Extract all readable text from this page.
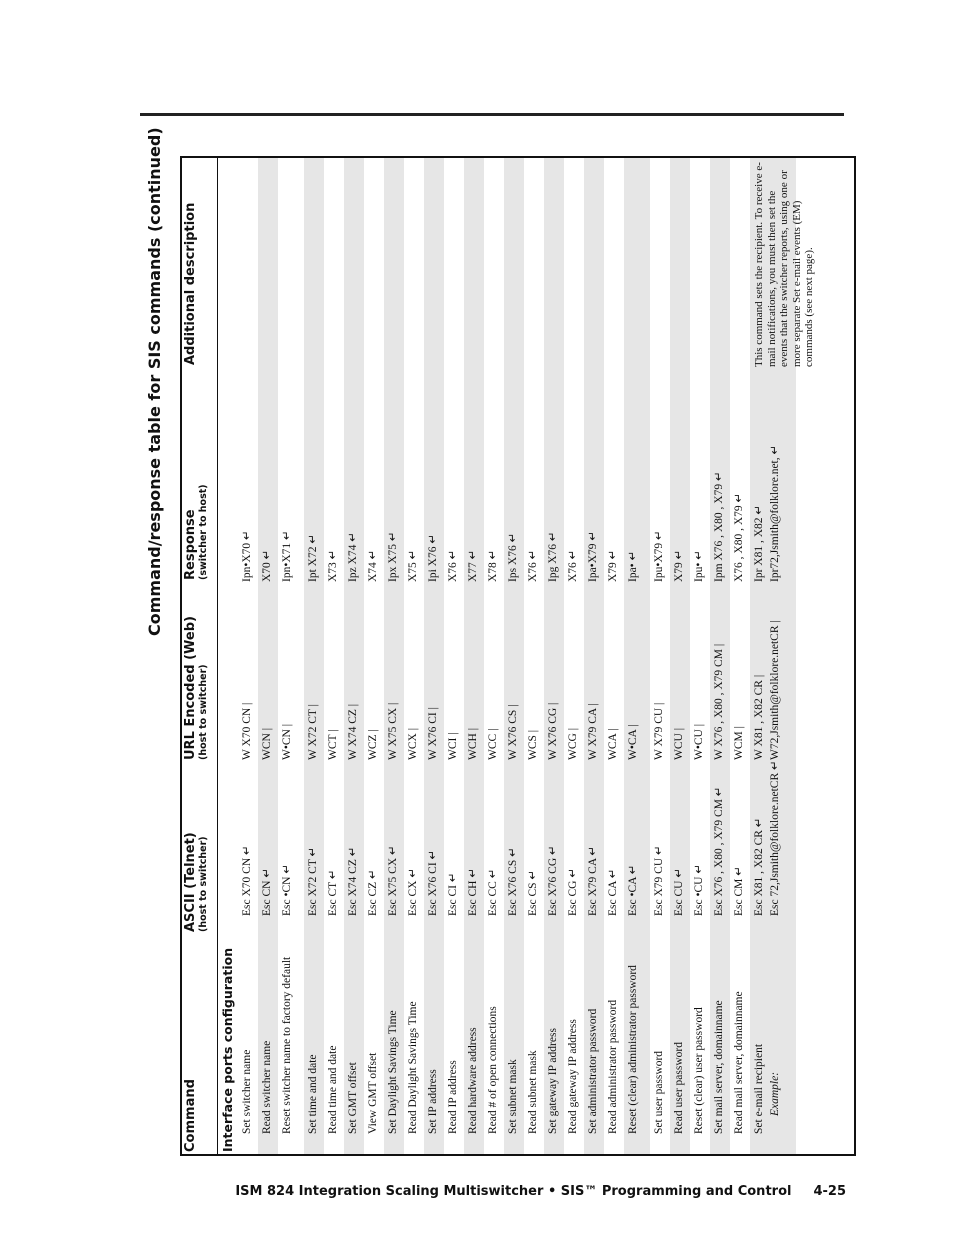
Command/response table for SIS commands (continued)
Command
ASCII (Telnet) (host to switcher)
URL Encoded (Web) (host to switcher)
Response (switcher to host)
Additional description
Interface ports configuration Set switcher name
Esc X70 CN ↵
W X70 CN |
Ipn•X70 ↵
Read switcher name
Esc CN ↵
WCN |
X70 ↵
Reset switcher name to factory default
Esc •CN ↵
W•CN |
Ipn•X71 ↵
Set time and date
Esc X72 CT ↵
W X72 CT |
Ipt X72 ↵
Read time and date
Esc CT ↵
WCT |
X73 ↵
Set GMT offset
Esc X74 CZ ↵
W X74 CZ |
Ipz X74 ↵
View GMT offset
Esc CZ ↵
WCZ |
X74 ↵
Set Daylight Savings Time
Esc X75 CX ↵
W X75 CX |
Ipx X75 ↵
Read Daylight Savings Time
Esc CX ↵
WCX |
X75 ↵
Set IP address
Esc X76 CI ↵
W X76 CI |
Ipi X76 ↵
Read IP address
Esc CI ↵
WCI |
X76 ↵
Read hardware address
Esc CH ↵
WCH |
X77 ↵
Read # of open connections
Esc CC ↵
WCC |
X78 ↵
Set subnet mask
Esc X76 CS ↵
W X76 CS |
Ips X76 ↵
Read subnet mask
Esc CS ↵
WCS |
X76 ↵
Set gateway IP address
Esc X76 CG ↵
W X76 CG |
Ipg X76 ↵
Read gateway IP address
Esc CG ↵
WCG |
X76 ↵
Set administrator password
Esc X79 CA ↵
W X79 CA |
Ipa•X79 ↵
Read administrator password
Esc CA ↵
WCA |
X79 ↵
Reset (clear) administrator password
Esc •CA ↵
W•CA |
Ipa• ↵
Set user password
Esc X79 CU ↵
W X79 CU |
Ipu•X79 ↵
Read user password
Esc CU ↵
WCU |
X79 ↵
Reset (clear) user password
Esc •CU ↵
W•CU |
Ipu• ↵
Set mail server, domainname
Esc X76 , X80 , X79 CM ↵
W X76 , X80 , X79 CM |
Ipm X76 , X80 , X79 ↵
Read mail server, domainname
Esc CM ↵
WCM |
X76 , X80 , X79 ↵
Set e-mail recipient Example:
Esc X81 , X82 CR ↵ Esc 72,Jsmith@folklore.netCR ↵
W X81 , X82 CR | W72,Jsmith@folklore.netCR |
Ipr X81 , X82 ↵ Ipr72,Jsmith@folklore.net, ↵
This command sets the recipient. To receive e-mail notifications, you must then set the events that the switcher reports, using one or more separate Set e-mail events (EM) commands (see next page).
ISM 824 Integration Scaling Multiswitcher • SIS™ Programming and Control 4-25
